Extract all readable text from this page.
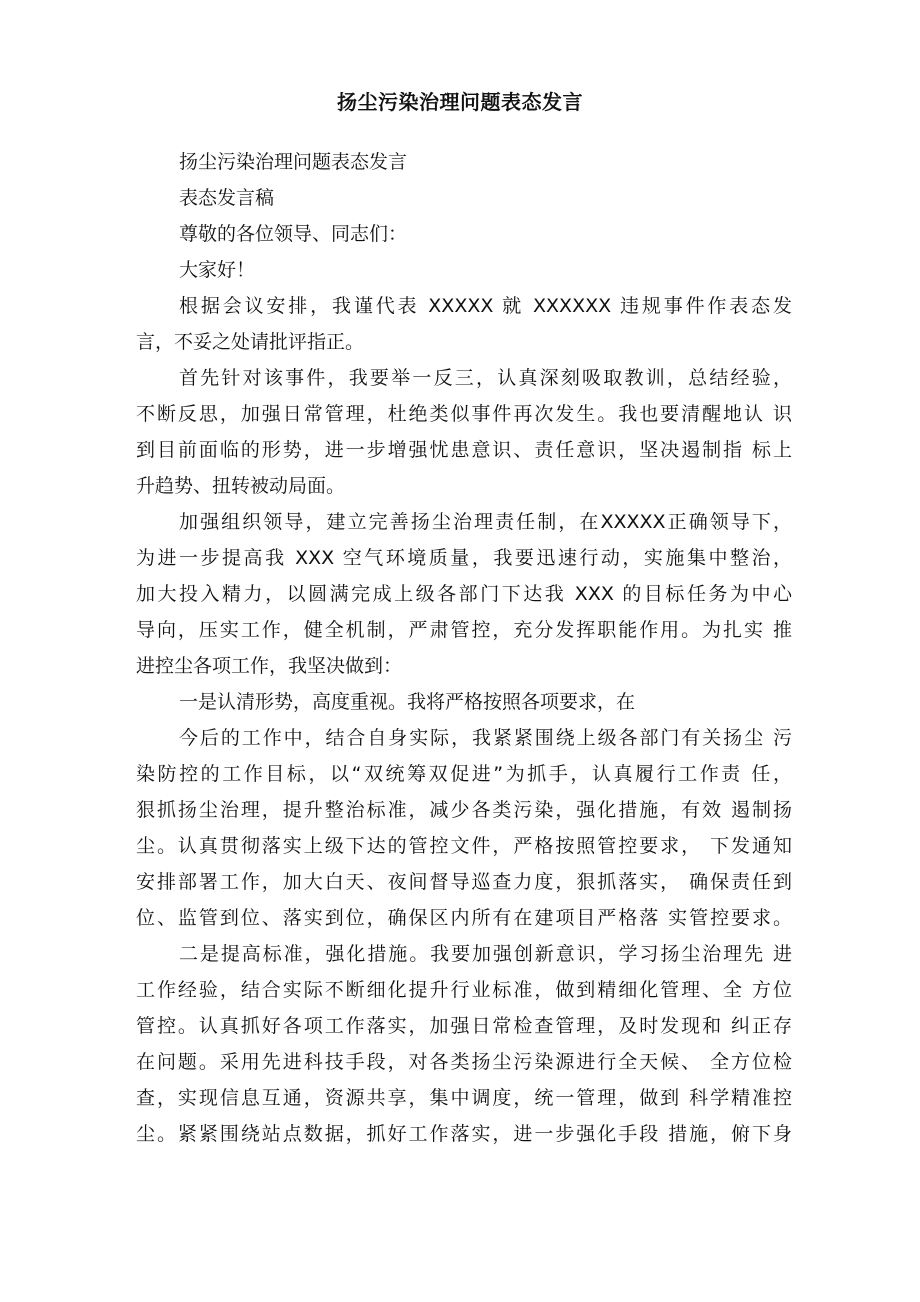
扬尘污染治理问题表态发言
扬尘污染治理问题表态发言
表态发言稿
尊敬的各位领导、同志们：
大家好！
根据会议安排，我谨代表 XXXXX 就 XXXXXX 违规事件作表态发
言，不妥之处请批评指正。
首先针对该事件，我要举一反三，认真深刻吸取教训，总结经验，
不断反思，加强日常管理，杜绝类似事件再次发生。我也要清醒地认 识
到目前面临的形势，进一步增强忧患意识、责任意识，坚决遏制指 标上
升趋势、扭转被动局面。
加强组织领导，建立完善扬尘治理责任制，在XXXXX正确领导下，
为进一步提高我 XXX 空气环境质量，我要迅速行动，实施集中整治，
加大投入精力，以圆满完成上级各部门下达我 XXX 的目标任务为中心
导向，压实工作，健全机制，严肃管控，充分发挥职能作用。为扎实 推
进控尘各项工作，我坚决做到：
一是认清形势，高度重视。我将严格按照各项要求，在
今后的工作中，结合自身实际，我紧紧围绕上级各部门有关扬尘 污
染防控的工作目标，以“双统筹双促进”为抓手，认真履行工作责 任，
狠抓扬尘治理，提升整治标准，减少各类污染，强化措施，有效 遏制扬
尘。认真贯彻落实上级下达的管控文件，严格按照管控要求， 下发通知
安排部署工作，加大白天、夜间督导巡查力度，狠抓落实， 确保责任到
位、监管到位、落实到位，确保区内所有在建项目严格落 实管控要求。
二是提高标准，强化措施。我要加强创新意识，学习扬尘治理先 进
工作经验，结合实际不断细化提升行业标准，做到精细化管理、全 方位
管控。认真抓好各项工作落实，加强日常检查管理，及时发现和 纠正存
在问题。采用先进科技手段，对各类扬尘污染源进行全天候、 全方位检
查，实现信息互通，资源共享，集中调度，统一管理，做到 科学精准控
尘。紧紧围绕站点数据，抓好工作落实，进一步强化手段 措施，俯下身
